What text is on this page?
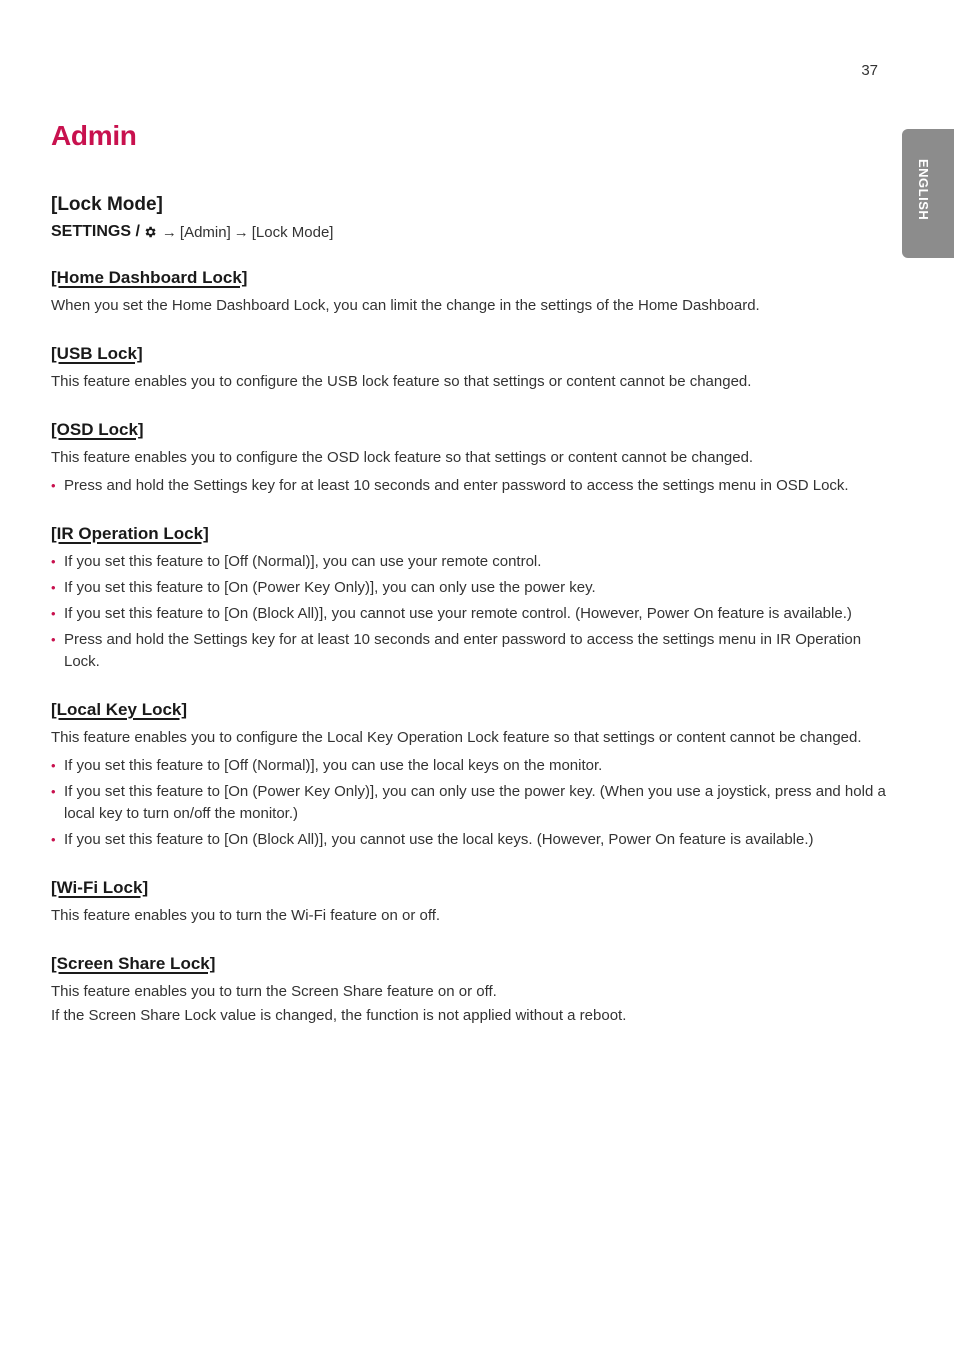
37
ENGLISH
Admin
[Lock Mode]
SETTINGS / → [Admin] → [Lock Mode]
[Home Dashboard Lock]

When you set the Home Dashboard Lock, you can limit the change in the settings of the Home Dashboard.

[USB Lock]

This feature enables you to configure the USB lock feature so that settings or content cannot be changed.

[OSD Lock]

This feature enables you to configure the OSD lock feature so that settings or content cannot be changed.

• Press and hold the Settings key for at least 10 seconds and enter password to access the settings menu in OSD Lock.
[IR Operation Lock]
• If you set this feature to [Off (Normal)], you can use your remote control.
• If you set this feature to [On (Power Key Only)], you can only use the power key.
• If you set this feature to [On (Block All)], you cannot use your remote control. (However, Power On feature is available.)
• Press and hold the Settings key for at least 10 seconds and enter password to access the settings menu in IR Operation Lock.
[Local Key Lock]

This feature enables you to configure the Local Key Operation Lock feature so that settings or content cannot be changed.

• If you set this feature to [Off (Normal)], you can use the local keys on the monitor.
• If you set this feature to [On (Power Key Only)], you can only use the power key. (When you use a joystick, press and hold a local key to turn on/off the monitor.)
• If you set this feature to [On (Block All)], you cannot use the local keys. (However, Power On feature is available.)
[Wi-Fi Lock]

This feature enables you to turn the Wi-Fi feature on or off.

[Screen Share Lock]

This feature enables you to turn the Screen Share feature on or off.

If the Screen Share Lock value is changed, the function is not applied without a reboot.
